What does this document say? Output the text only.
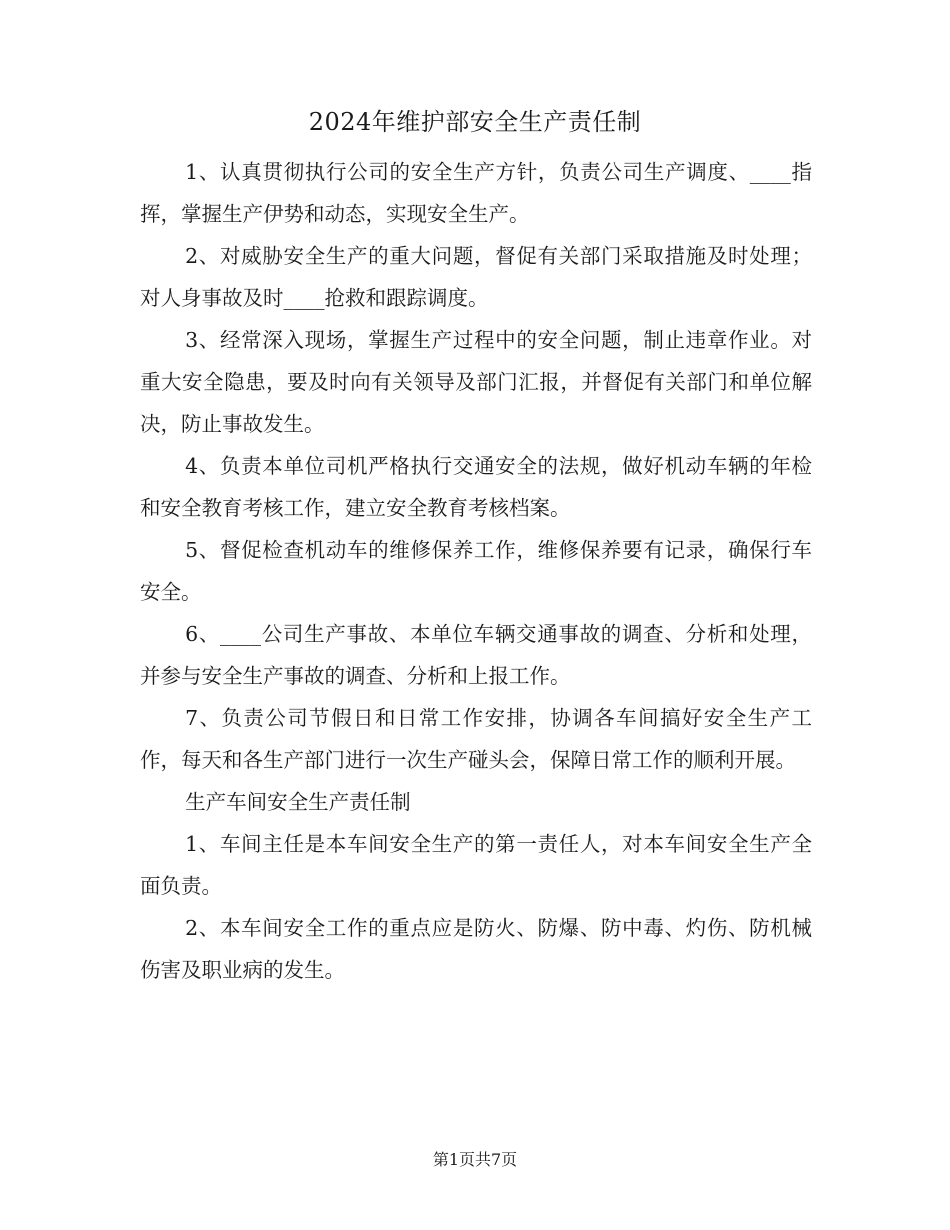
2024年维护部安全生产责任制

1、认真贯彻执行公司的安全生产方针，负责公司生产调度、____指挥，掌握生产伊势和动态，实现安全生产。

2、对威胁安全生产的重大问题，督促有关部门采取措施及时处理；对人身事故及时____抢救和跟踪调度。

3、经常深入现场，掌握生产过程中的安全问题，制止违章作业。对重大安全隐患，要及时向有关领导及部门汇报，并督促有关部门和单位解决，防止事故发生。

4、负责本单位司机严格执行交通安全的法规，做好机动车辆的年检和安全教育考核工作，建立安全教育考核档案。

5、督促检查机动车的维修保养工作，维修保养要有记录，确保行车安全。

6、____公司生产事故、本单位车辆交通事故的调查、分析和处理，并参与安全生产事故的调查、分析和上报工作。

7、负责公司节假日和日常工作安排，协调各车间搞好安全生产工作，每天和各生产部门进行一次生产碰头会，保障日常工作的顺利开展。

生产车间安全生产责任制

1、车间主任是本车间安全生产的第一责任人，对本车间安全生产全面负责。

2、本车间安全工作的重点应是防火、防爆、防中毒、灼伤、防机械伤害及职业病的发生。

第1页共7页
